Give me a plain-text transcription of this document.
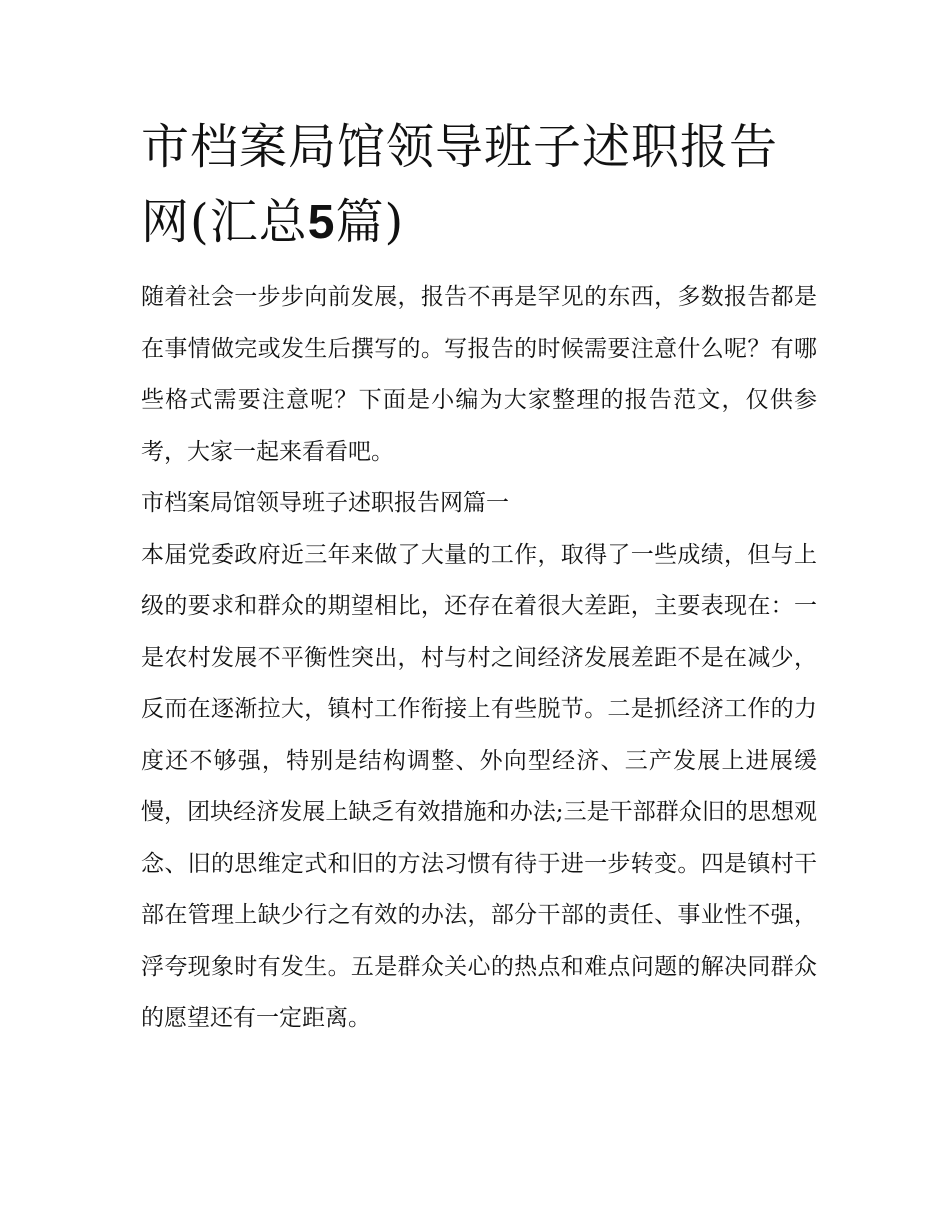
市档案局馆领导班子述职报告网(汇总5篇)

随着社会一步步向前发展，报告不再是罕见的东西，多数报告都是在事情做完或发生后撰写的。写报告的时候需要注意什么呢？有哪些格式需要注意呢？下面是小编为大家整理的报告范文，仅供参考，大家一起来看看吧。

市档案局馆领导班子述职报告网篇一

本届党委政府近三年来做了大量的工作，取得了一些成绩，但与上级的要求和群众的期望相比，还存在着很大差距，主要表现在：一是农村发展不平衡性突出，村与村之间经济发展差距不是在减少，反而在逐渐拉大，镇村工作衔接上有些脱节。二是抓经济工作的力度还不够强，特别是结构调整、外向型经济、三产发展上进展缓慢，团块经济发展上缺乏有效措施和办法;三是干部群众旧的思想观念、旧的思维定式和旧的方法习惯有待于进一步转变。四是镇村干部在管理上缺少行之有效的办法，部分干部的责任、事业性不强，浮夸现象时有发生。五是群众关心的热点和难点问题的解决同群众的愿望还有一定距离。
